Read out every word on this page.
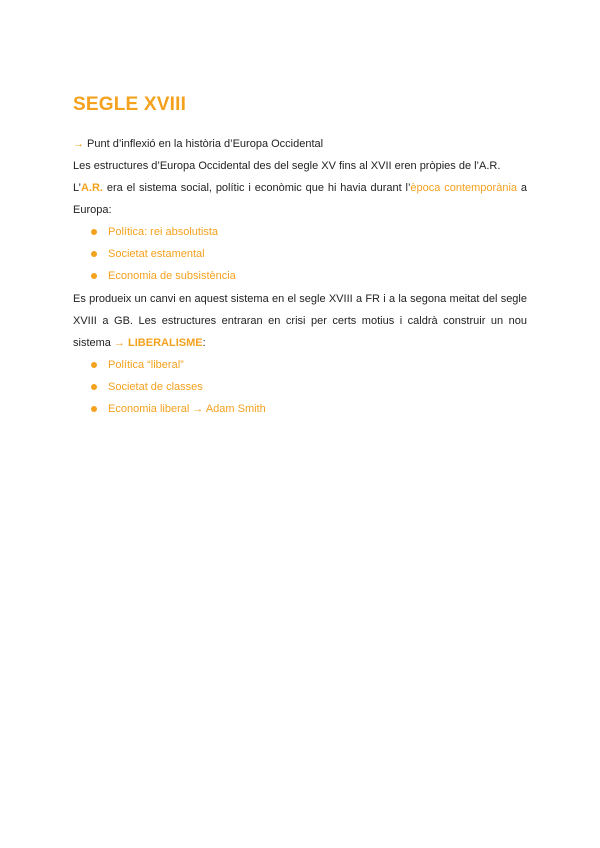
SEGLE XVIII
→ Punt d’inflexió en la història d’Europa Occidental
Les estructures d’Europa Occidental des del segle XV fins al XVII eren pròpies de l’A.R.
L’A.R. era el sistema social, polític i econòmic que hi havia durant l’època contemporània a
Europa:
Política: rei absolutista
Societat estamental
Economia de subsistència
Es produeix un canvi en aquest sistema en el segle XVIII a FR i a la segona meitat del segle
XVIII a GB. Les estructures entraran en crisi per certs motius i caldrà construir un nou
sistema → LIBERALISME:
Política “liberal”
Societat de classes
Economia liberal → Adam Smith
